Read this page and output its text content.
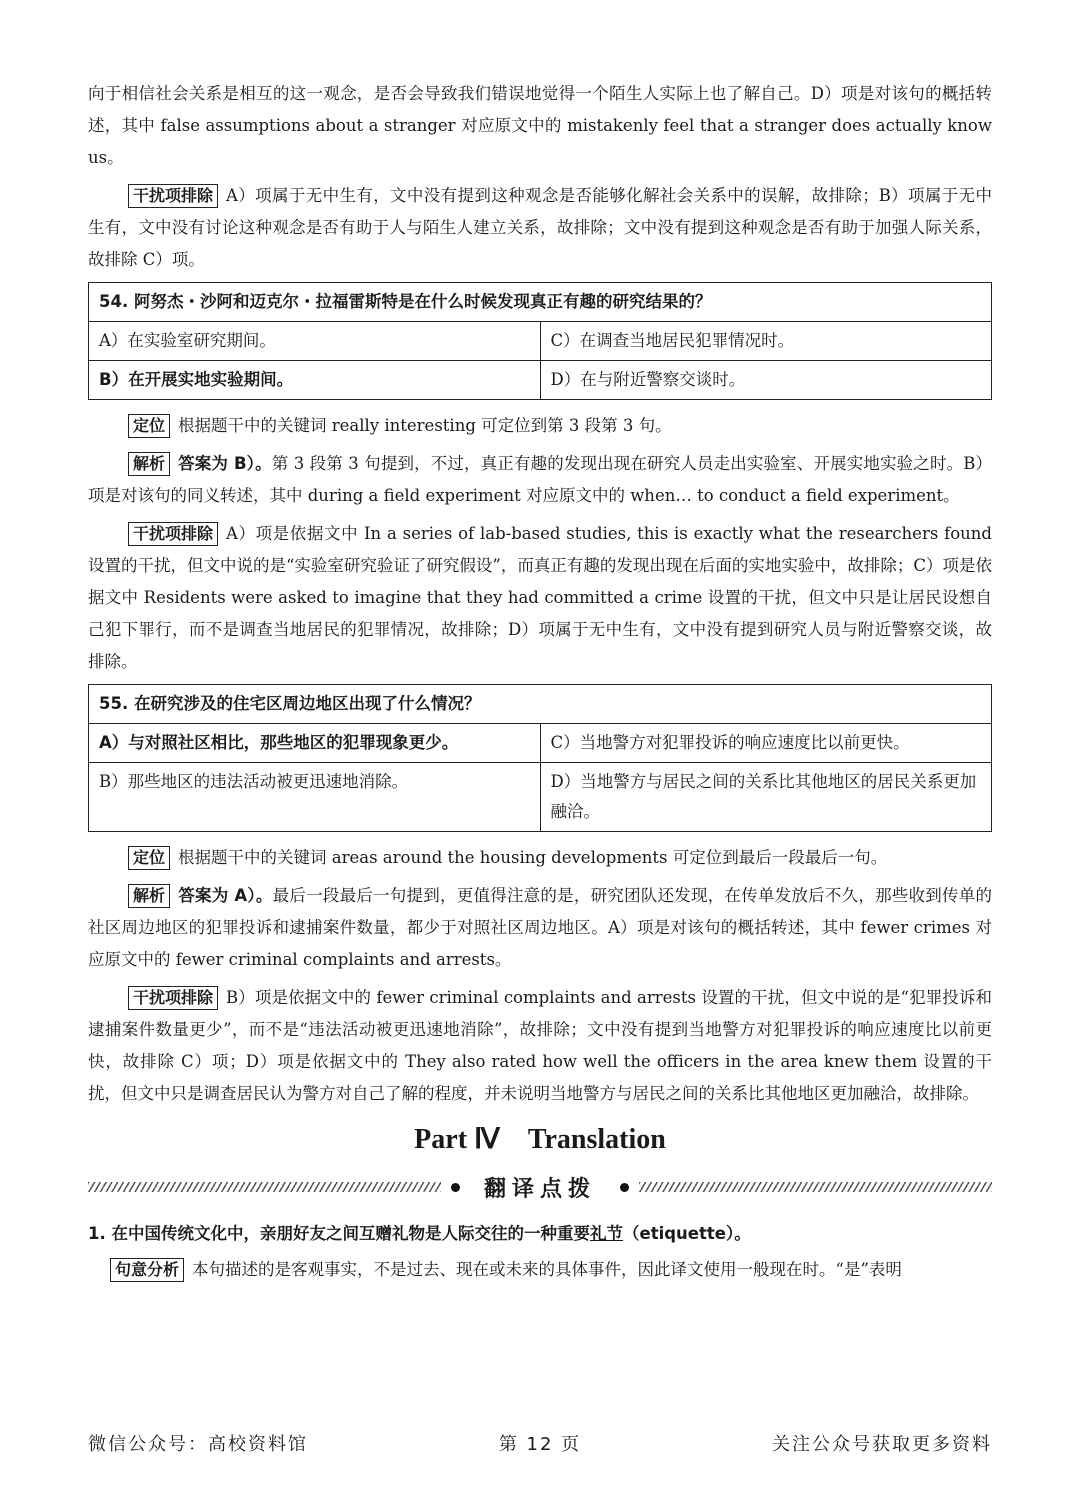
向于相信社会关系是相互的这一观念，是否会导致我们错误地觉得一个陌生人实际上也了解自己。D）项是对该句的概括转述，其中 false assumptions about a stranger 对应原文中的 mistakenly feel that a stranger does actually know us。

干扰项排除 A）项属于无中生有，文中没有提到这种观念是否能够化解社会关系中的误解，故排除；B）项属于无中生有，文中没有讨论这种观念是否有助于人与陌生人建立关系，故排除；文中没有提到这种观念是否有助于加强人际关系，故排除 C）项。

54. 阿努杰・沙阿和迈克尔・拉福雷斯特是在什么时候发现真正有趣的研究结果的？	
A）在实验室研究期间。	C）在调查当地居民犯罪情况时。
B）在开展实地实验期间。	D）在与附近警察交谈时。

定位 根据题干中的关键词 really interesting 可定位到第 3 段第 3 句。

解析 答案为 B）。第 3 段第 3 句提到，不过，真正有趣的发现出现在研究人员走出实验室、开展实地实验之时。B）项是对该句的同义转述，其中 during a field experiment 对应原文中的 when… to conduct a field experiment。

干扰项排除 A）项是依据文中 In a series of lab-based studies, this is exactly what the researchers found 设置的干扰，但文中说的是“实验室研究验证了研究假设”，而真正有趣的发现出现在后面的实地实验中，故排除；C）项是依据文中 Residents were asked to imagine that they had committed a crime 设置的干扰，但文中只是让居民设想自己犯下罪行，而不是调查当地居民的犯罪情况，故排除；D）项属于无中生有，文中没有提到研究人员与附近警察交谈，故排除。

55. 在研究涉及的住宅区周边地区出现了什么情况？	
A）与对照社区相比，那些地区的犯罪现象更少。	C）当地警方对犯罪投诉的响应速度比以前更快。
B）那些地区的违法活动被更迅速地消除。	D）当地警方与居民之间的关系比其他地区的居民关系更加融洽。

定位 根据题干中的关键词 areas around the housing developments 可定位到最后一段最后一句。

解析 答案为 A）。最后一段最后一句提到，更值得注意的是，研究团队还发现，在传单发放后不久，那些收到传单的社区周边地区的犯罪投诉和逮捕案件数量，都少于对照社区周边地区。A）项是对该句的概括转述，其中 fewer crimes 对应原文中的 fewer criminal complaints and arrests。

干扰项排除 B）项是依据文中的 fewer criminal complaints and arrests 设置的干扰，但文中说的是“犯罪投诉和逮捕案件数量更少”，而不是“违法活动被更迅速地消除”，故排除；文中没有提到当地警方对犯罪投诉的响应速度比以前更快，故排除 C）项；D）项是依据文中的 They also rated how well the officers in the area knew them 设置的干扰，但文中只是调查居民认为警方对自己了解的程度，并未说明当地警方与居民之间的关系比其他地区更加融洽，故排除。

Part Ⅳ Translation
翻译点拨

1. 在中国传统文化中，亲朋好友之间互赠礼物是人际交往的一种重要礼节（etiquette）。

句意分析 本句描述的是客观事实，不是过去、现在或未来的具体事件，因此译文使用一般现在时。“是”表明

微信公众号：高校资料馆	第 12 页	关注公众号获取更多资料
